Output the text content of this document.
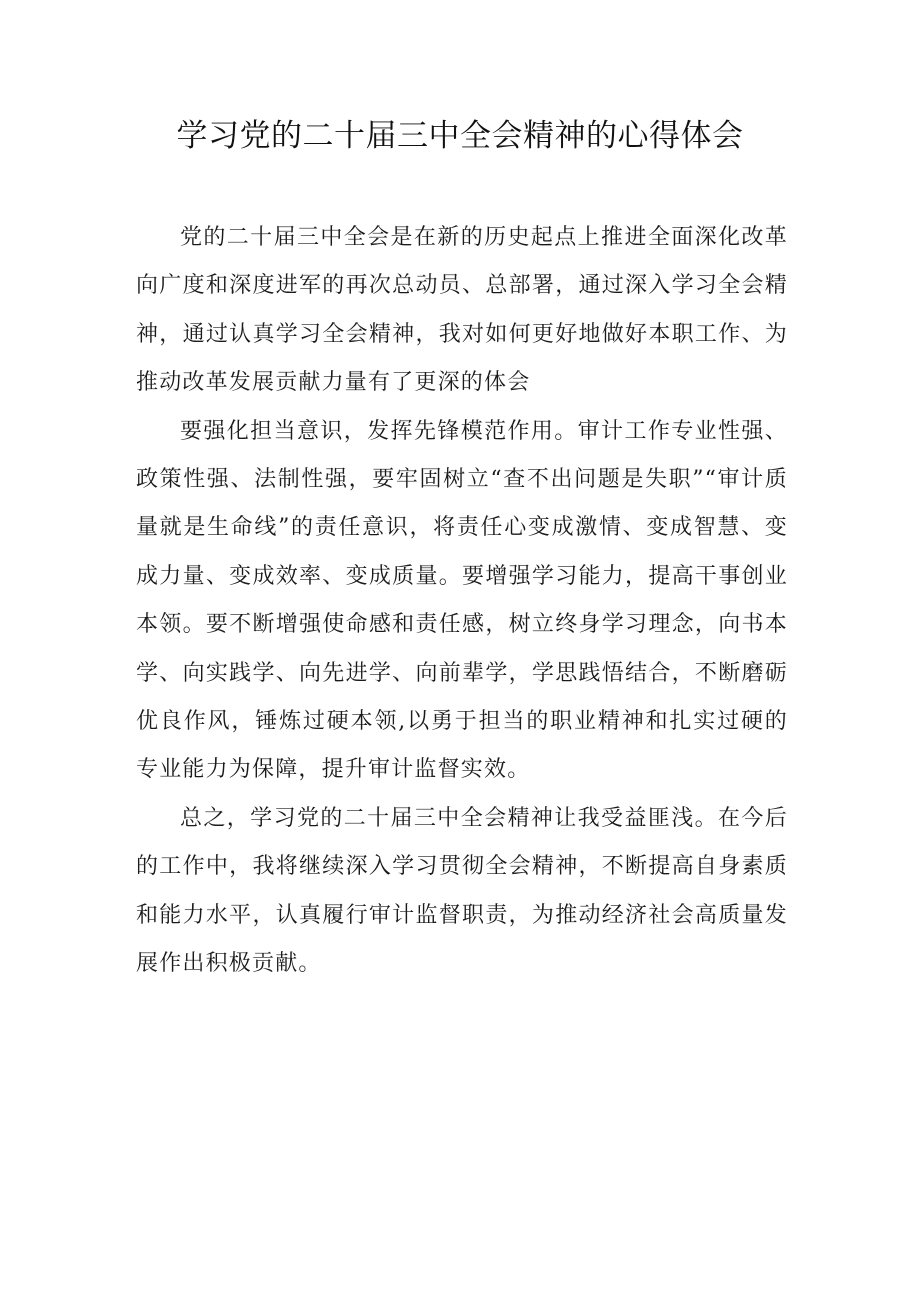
学习党的二十届三中全会精神的心得体会

党的二十届三中全会是在新的历史起点上推进全面深化改革向广度和深度进军的再次总动员、总部署，通过深入学习全会精神，通过认真学习全会精神，我对如何更好地做好本职工作、为推动改革发展贡献力量有了更深的体会

要强化担当意识，发挥先锋模范作用。审计工作专业性强、政策性强、法制性强，要牢固树立“查不出问题是失职”“审计质量就是生命线”的责任意识，将责任心变成激情、变成智慧、变成力量、变成效率、变成质量。要增强学习能力，提高干事创业本领。要不断增强使命感和责任感，树立终身学习理念，向书本学、向实践学、向先进学、向前辈学，学思践悟结合，不断磨砺优良作风，锤炼过硬本领,以勇于担当的职业精神和扎实过硬的专业能力为保障，提升审计监督实效。

总之，学习党的二十届三中全会精神让我受益匪浅。在今后的工作中，我将继续深入学习贯彻全会精神，不断提高自身素质和能力水平，认真履行审计监督职责，为推动经济社会高质量发展作出积极贡献。
